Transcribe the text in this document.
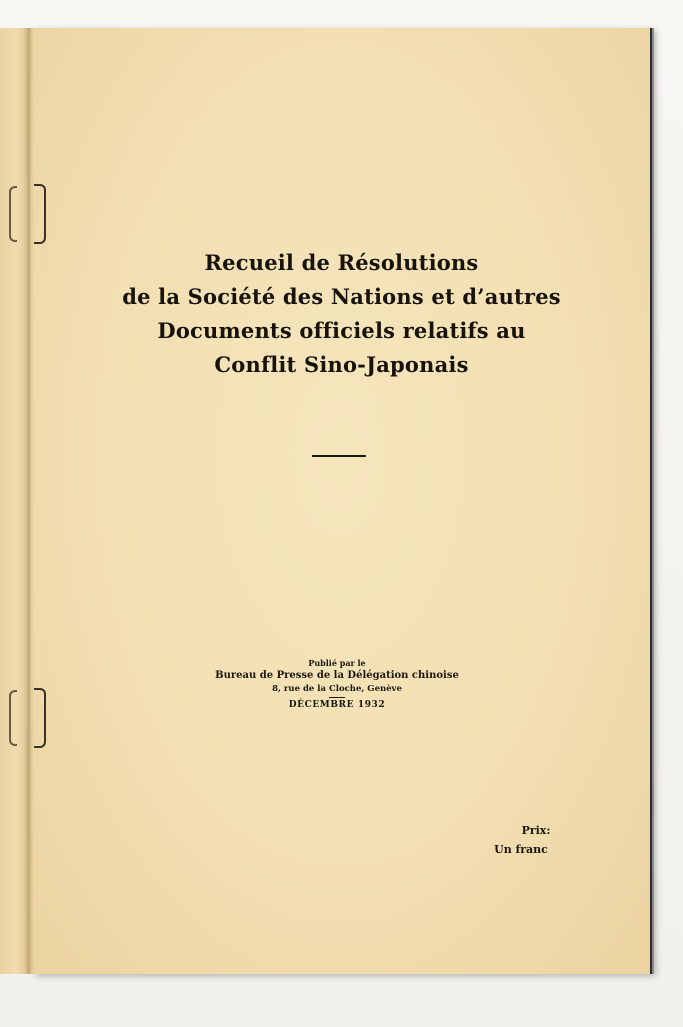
Recueil de Résolutions
de la Société des Nations et d’autres
Documents officiels relatifs au
Conflit Sino-Japonais
Publié par le
Bureau de Presse de la Délégation chinoise
8, rue de la Cloche, Genève
DÉCEMBRE 1932
Prix:
Un franc
